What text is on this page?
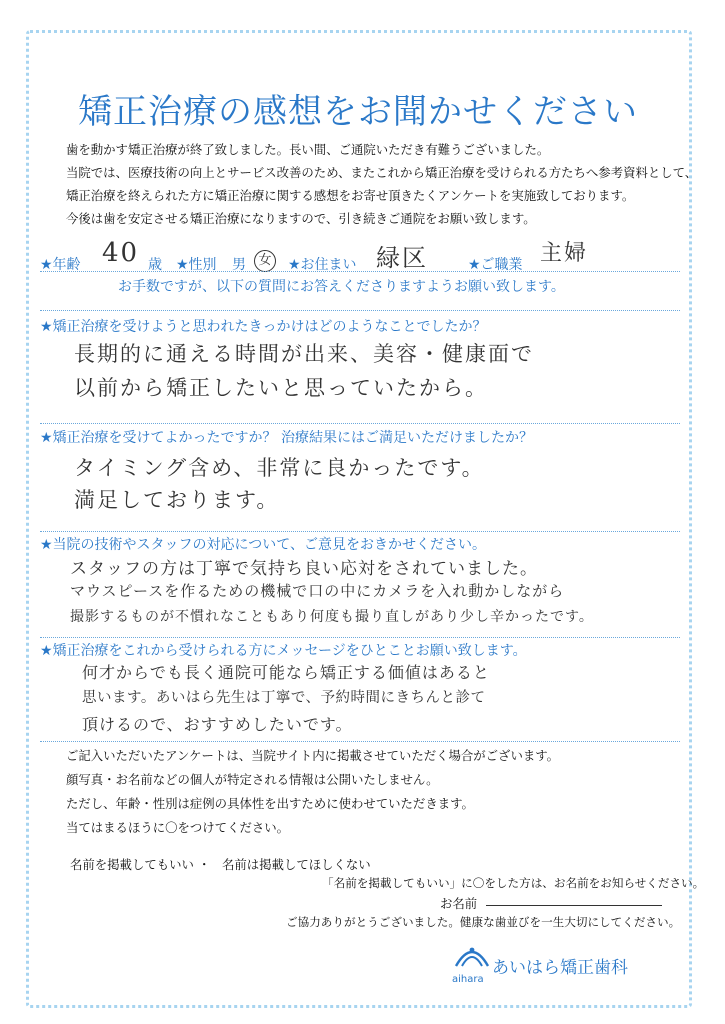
矯正治療の感想をお聞かせください
歯を動かす矯正治療が終了致しました。長い間、ご通院いただき有難うございました。
当院では、医療技術の向上とサービス改善のため、またこれから矯正治療を受けられる方たちへ参考資料として、
矯正治療を終えられた方に矯正治療に関する感想をお寄せ頂きたくアンケートを実施致しております。
今後は歯を安定させる矯正治療になりますので、引き続きご通院をお願い致します。
★年齢 40 歳 ★性別 男 女	★お住まい 緑区	★ご職業 主婦
お手数ですが、以下の質問にお答えくださりますようお願い致します。
★矯正治療を受けようと思われたきっかけはどのようなことでしたか？
長期的に通える時間が出来、美容・健康面で
以前から矯正したいと思っていたから。
★矯正治療を受けてよかったですか？ 治療結果にはご満足いただけましたか？
タイミング含め、非常に良かったです。
満足しております。
★当院の技術やスタッフの対応について、ご意見をおきかせください。
スタッフの方は丁寧で気持ち良い応対をされていました。
マウスピースを作るための機械で口の中にカメラを入れ動かしながら
撮影するものが不慣れなこともあり何度も撮り直しがあり少し辛かったです。
★矯正治療をこれから受けられる方にメッセージをひとことお願い致します。
何才からでも長く通院可能なら矯正する価値はあると
思います。あいはら先生は丁寧で、予約時間にきちんと診て
頂けるので、おすすめしたいです。
ご記入いただいたアンケートは、当院サイト内に掲載させていただく場合がございます。
顔写真・お名前などの個人が特定される情報は公開いたしません。
ただし、年齢・性別は症例の具体性を出すために使わせていただきます。
当てはまるほうに〇をつけてください。
名前を掲載してもいい ・ 名前は掲載してほしくない
「名前を掲載してもいい」に〇をした方は、お名前をお知らせください。
お名前
ご協力ありがとうございました。健康な歯並びを一生大切にしてください。
aihara
あいはら矯正歯科
